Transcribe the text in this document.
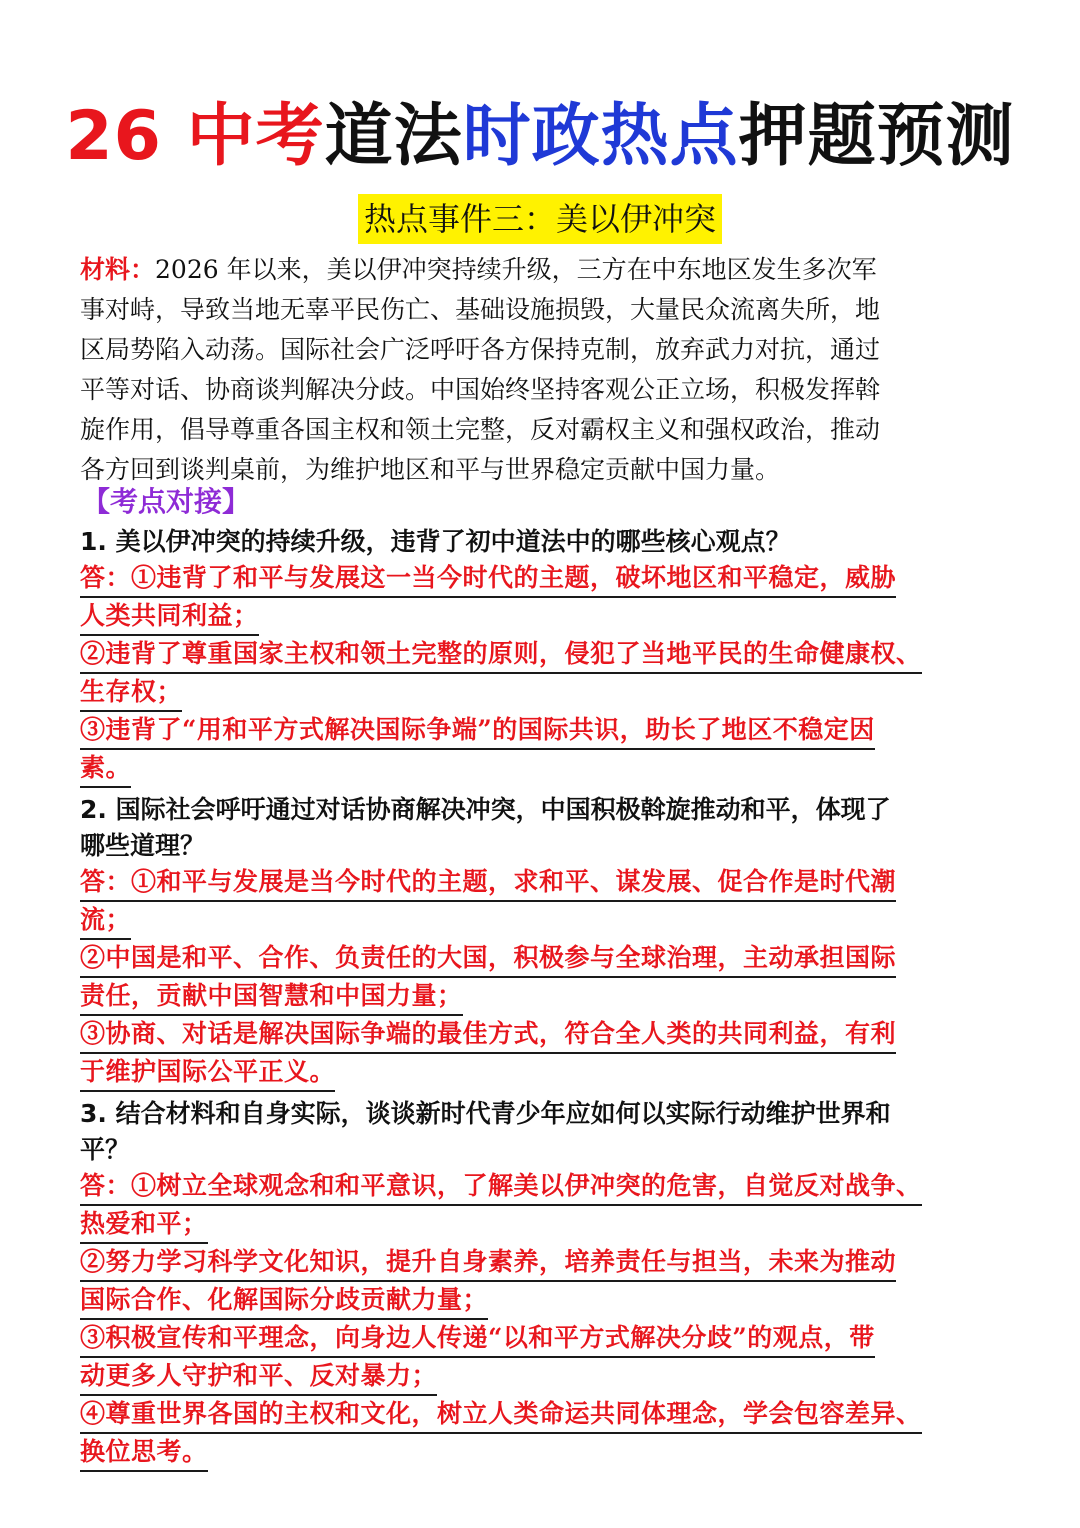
26 中考道法时政热点押题预测
热点事件三：美以伊冲突

材料：2026 年以来，美以伊冲突持续升级，三方在中东地区发生多次军

事对峙，导致当地无辜平民伤亡、基础设施损毁，大量民众流离失所，地

区局势陷入动荡。国际社会广泛呼吁各方保持克制，放弃武力对抗，通过

平等对话、协商谈判解决分歧。中国始终坚持客观公正立场，积极发挥斡

旋作用，倡导尊重各国主权和领土完整，反对霸权主义和强权政治，推动

各方回到谈判桌前，为维护地区和平与世界稳定贡献中国力量。

【考点对接】
1. 美以伊冲突的持续升级，违背了初中道法中的哪些核心观点？
答：①违背了和平与发展这一当今时代的主题，破坏地区和平稳定，威胁
人类共同利益；
②违背了尊重国家主权和领土完整的原则，侵犯了当地平民的生命健康权、
生存权；
③违背了“用和平方式解决国际争端”的国际共识，助长了地区不稳定因
素。
2. 国际社会呼吁通过对话协商解决冲突，中国积极斡旋推动和平，体现了
哪些道理？
答：①和平与发展是当今时代的主题，求和平、谋发展、促合作是时代潮
流；
②中国是和平、合作、负责任的大国，积极参与全球治理，主动承担国际
责任，贡献中国智慧和中国力量；
③协商、对话是解决国际争端的最佳方式，符合全人类的共同利益，有利
于维护国际公平正义。
3. 结合材料和自身实际，谈谈新时代青少年应如何以实际行动维护世界和
平？
答：①树立全球观念和和平意识，了解美以伊冲突的危害，自觉反对战争、
热爱和平；
②努力学习科学文化知识，提升自身素养，培养责任与担当，未来为推动
国际合作、化解国际分歧贡献力量；
③积极宣传和平理念，向身边人传递“以和平方式解决分歧”的观点，带
动更多人守护和平、反对暴力；
④尊重世界各国的主权和文化，树立人类命运共同体理念，学会包容差异、
换位思考。
